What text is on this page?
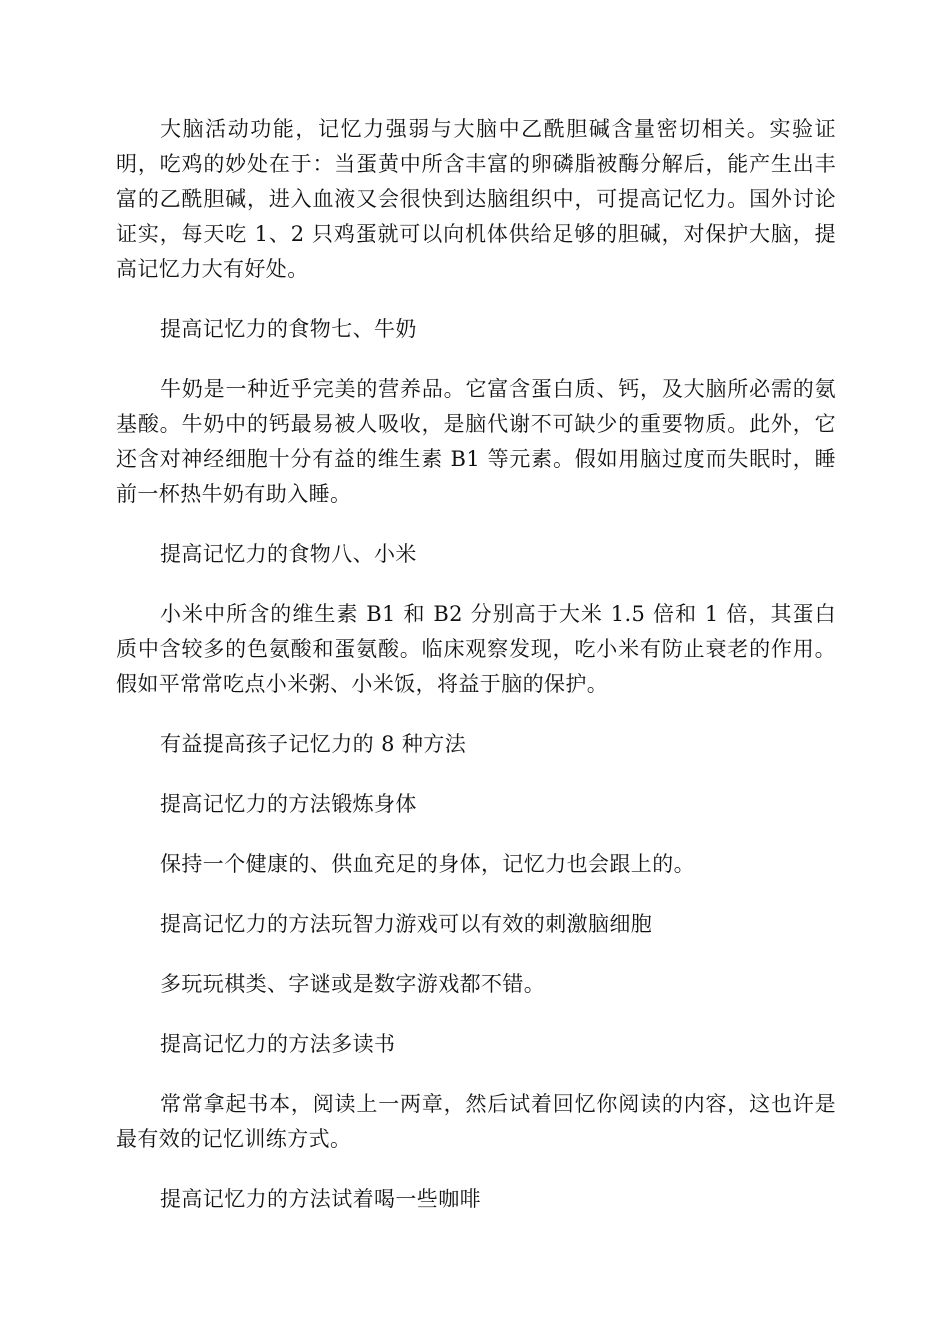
大脑活动功能，记忆力强弱与大脑中乙酰胆碱含量密切相关。实验证明，吃鸡的妙处在于：当蛋黄中所含丰富的卵磷脂被酶分解后，能产生出丰富的乙酰胆碱，进入血液又会很快到达脑组织中，可提高记忆力。国外讨论证实，每天吃 1、2 只鸡蛋就可以向机体供给足够的胆碱，对保护大脑，提高记忆力大有好处。

提高记忆力的食物七、牛奶

牛奶是一种近乎完美的营养品。它富含蛋白质、钙，及大脑所必需的氨基酸。牛奶中的钙最易被人吸收，是脑代谢不可缺少的重要物质。此外，它还含对神经细胞十分有益的维生素 B1 等元素。假如用脑过度而失眠时，睡前一杯热牛奶有助入睡。

提高记忆力的食物八、小米

小米中所含的维生素 B1 和 B2 分别高于大米 1.5 倍和 1 倍，其蛋白质中含较多的色氨酸和蛋氨酸。临床观察发现，吃小米有防止衰老的作用。假如平常常吃点小米粥、小米饭，将益于脑的保护。

有益提高孩子记忆力的 8 种方法

提高记忆力的方法锻炼身体

保持一个健康的、供血充足的身体，记忆力也会跟上的。

提高记忆力的方法玩智力游戏可以有效的刺激脑细胞

多玩玩棋类、字谜或是数字游戏都不错。

提高记忆力的方法多读书

常常拿起书本，阅读上一两章，然后试着回忆你阅读的内容，这也许是最有效的记忆训练方式。

提高记忆力的方法试着喝一些咖啡
